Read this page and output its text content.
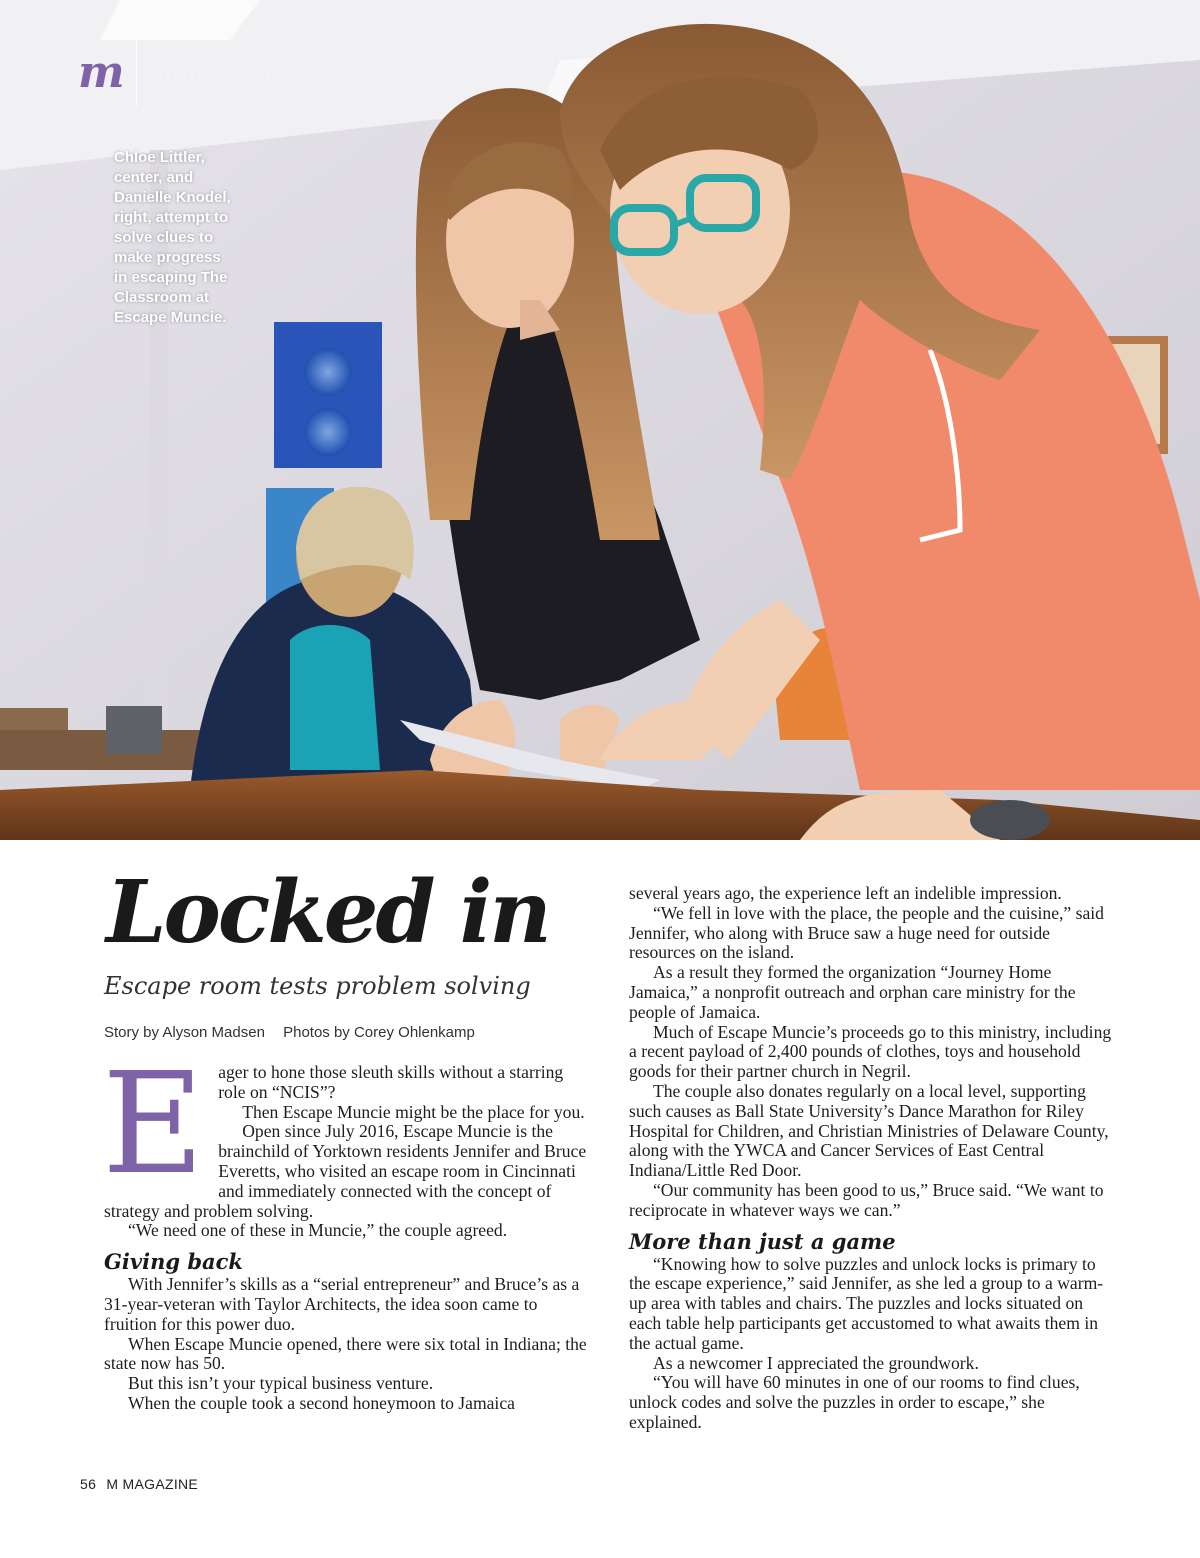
m things to do
Chloe Littler, center, and Danielle Knodel, right, attempt to solve clues to make progress in escaping The Classroom at Escape Muncie.
Locked in
Escape room tests problem solving
Story by Alyson Madsen Photos by Corey Ohlenkamp
E ager to hone those sleuth skills without a starring role on “NCIS”?

Then Escape Muncie might be the place for you.

Open since July 2016, Escape Muncie is the brainchild of Yorktown residents Jennifer and Bruce Everetts, who visited an escape room in Cincinnati and immediately connected with the concept of strategy and problem solving.

“We need one of these in Muncie,” the couple agreed.

Giving back

With Jennifer’s skills as a “serial entrepreneur” and Bruce’s as a 31-year-veteran with Taylor Architects, the idea soon came to fruition for this power duo.

When Escape Muncie opened, there were six total in Indiana; the state now has 50.

But this isn’t your typical business venture.

When the couple took a second honeymoon to Jamaica

several years ago, the experience left an indelible impression.

“We fell in love with the place, the people and the cuisine,” said Jennifer, who along with Bruce saw a huge need for outside resources on the island.

As a result they formed the organization “Journey Home Jamaica,” a nonprofit outreach and orphan care ministry for the people of Jamaica.

Much of Escape Muncie’s proceeds go to this ministry, including a recent payload of 2,400 pounds of clothes, toys and household goods for their partner church in Negril.

The couple also donates regularly on a local level, supporting such causes as Ball State University’s Dance Marathon for Riley Hospital for Children, and Christian Ministries of Delaware County, along with the YWCA and Cancer Services of East Central Indiana/Little Red Door.

“Our community has been good to us,” Bruce said. “We want to reciprocate in whatever ways we can.”

More than just a game

“Knowing how to solve puzzles and unlock locks is primary to the escape experience,” said Jennifer, as she led a group to a warm-up area with tables and chairs. The puzzles and locks situated on each table help participants get accustomed to what awaits them in the actual game.

As a newcomer I appreciated the groundwork.

“You will have 60 minutes in one of our rooms to find clues, unlock codes and solve the puzzles in order to escape,” she explained.

56 M MAGAZINE
